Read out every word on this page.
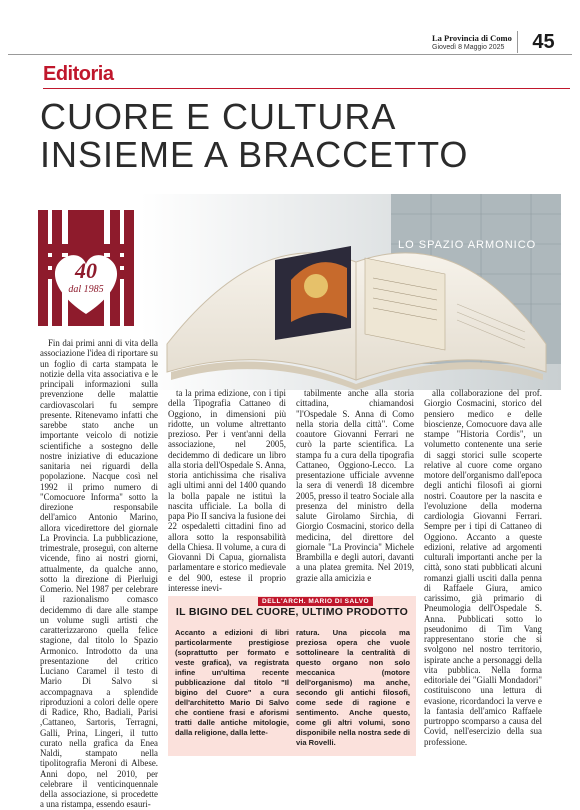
La Provincia di Como
Giovedì 8 Maggio 2025	45
Editoria
CUORE E CULTURA
INSIEME A BRACCETTO
40
dal 1985
LO SPAZIO ARMONICO

Fin dai primi anni di vita della associazione l'idea di riportare su un foglio di carta stampata le notizie della vita associativa e le principali informazioni sulla prevenzione delle malattie cardiovascolari fu sempre presente. Ritenevamo infatti che sarebbe stato anche un importante veicolo di notizie scientifiche a sostegno delle nostre iniziative di educazione sanitaria nei riguardi della popolazione. Nacque così nel 1992 il primo numero di "Comocuore Informa" sotto la direzione responsabile dell'amico Antonio Marino, allora vicedirettore del giornale La Provincia. La pubblicazione, trimestrale, proseguì, con alterne vicende, fino ai nostri giorni, attualmente, da qualche anno, sotto la direzione di Pierluigi Comerio. Nel 1987 per celebrare il razionalismo comasco decidemmo di dare alle stampe un volume sugli artisti che caratterizzarono quella felice stagione, dal titolo lo Spazio Armonico. Introdotto da una presentazione del critico Luciano Caramel il testo di Mario Di Salvo si accompagnava a splendide riproduzioni a colori delle opere di Radice, Rho, Badiali, Parisi ,Cattaneo, Sartoris, Terragni, Galli, Prina, Lingeri, il tutto curato nella grafica da Enea Naldi, stampato nella tipolitografia Meroni di Albese. Anni dopo, nel 2010, per celebrare il venticinquennale della associazione, si procedette a una ristampa, essendo esauri-

ta la prima edizione, con i tipi della Tipografia Cattaneo di Oggiono, in dimensioni più ridotte, un volume altrettanto prezioso. Per i vent'anni della associazione, nel 2005, decidemmo di dedicare un libro alla storia dell'Ospedale S. Anna, storia antichissima che risaliva agli ultimi anni del 1400 quando la bolla papale ne istituì la nascita ufficiale. La bolla di papa Pio II sanciva la fusione dei 22 ospedaletti cittadini fino ad allora sotto la responsabilità della Chiesa. Il volume, a cura di Giovanni Di Capua, giornalista parlamentare e storico medievale e del 900, estese il proprio interesse inevi-

tabilmente anche alla storia cittadina, chiamandosi "l'Ospedale S. Anna di Como nella storia della città". Come coautore Giovanni Ferrari ne curò la parte scientifica. La stampa fu a cura della tipografia Cattaneo, Oggiono-Lecco. La presentazione ufficiale avvenne la sera di venerdì 18 dicembre 2005, presso il teatro Sociale alla presenza del ministro della salute Girolamo Sirchia, di Giorgio Cosmacini, storico della medicina, del direttore del giornale "La Provincia" Michele Brambilla e degli autori, davanti a una platea gremita. Nel 2019, grazie alla amicizia e

alla collaborazione del prof. Giorgio Cosmacini, storico del pensiero medico e delle bioscienze, Comocuore dava alle stampe "Historia Cordis", un volumetto contenente una serie di saggi storici sulle scoperte relative al cuore come organo motore dell'organismo dall'epoca degli antichi filosofi ai giorni nostri. Coautore per la nascita e l'evoluzione della moderna cardiologia Giovanni Ferrari. Sempre per i tipi di Cattaneo di Oggiono. Accanto a queste edizioni, relative ad argomenti culturali importanti anche per la città, sono stati pubblicati alcuni romanzi gialli usciti dalla penna di Raffaele Giura, amico carissimo, già primario di Pneumologia dell'Ospedale S. Anna. Pubblicati sotto lo pseudonimo di Tim Vang rappresentano storie che si svolgono nel nostro territorio, ispirate anche a personaggi della vita pubblica. Nella forma editoriale dei "Gialli Mondadori" costituiscono una lettura di evasione, ricordandoci la verve e la fantasia dell'amico Raffaele purtroppo scomparso a causa del Covid, nell'esercizio della sua professione.

DELL'ARCH. MARIO DI SALVO
IL BIGINO DEL CUORE, ULTIMO PRODOTTO
Accanto a edizioni di libri particolarmente prestigiose (soprattutto per formato e veste grafica), va registrata infine un'ultima recente pubblicazione dal titolo "Il bigino del Cuore" a cura dell'architetto Mario Di Salvo che contiene frasi e aforismi tratti dalle antiche mitologie, dalla religione, dalla lette-
ratura. Una piccola ma preziosa opera che vuole sottolineare la centralità di questo organo non solo meccanica (motore dell'organismo) ma anche, secondo gli antichi filosofi, come sede di ragione e sentimento. Anche questo, come gli altri volumi, sono disponibile nella nostra sede di via Rovelli.
